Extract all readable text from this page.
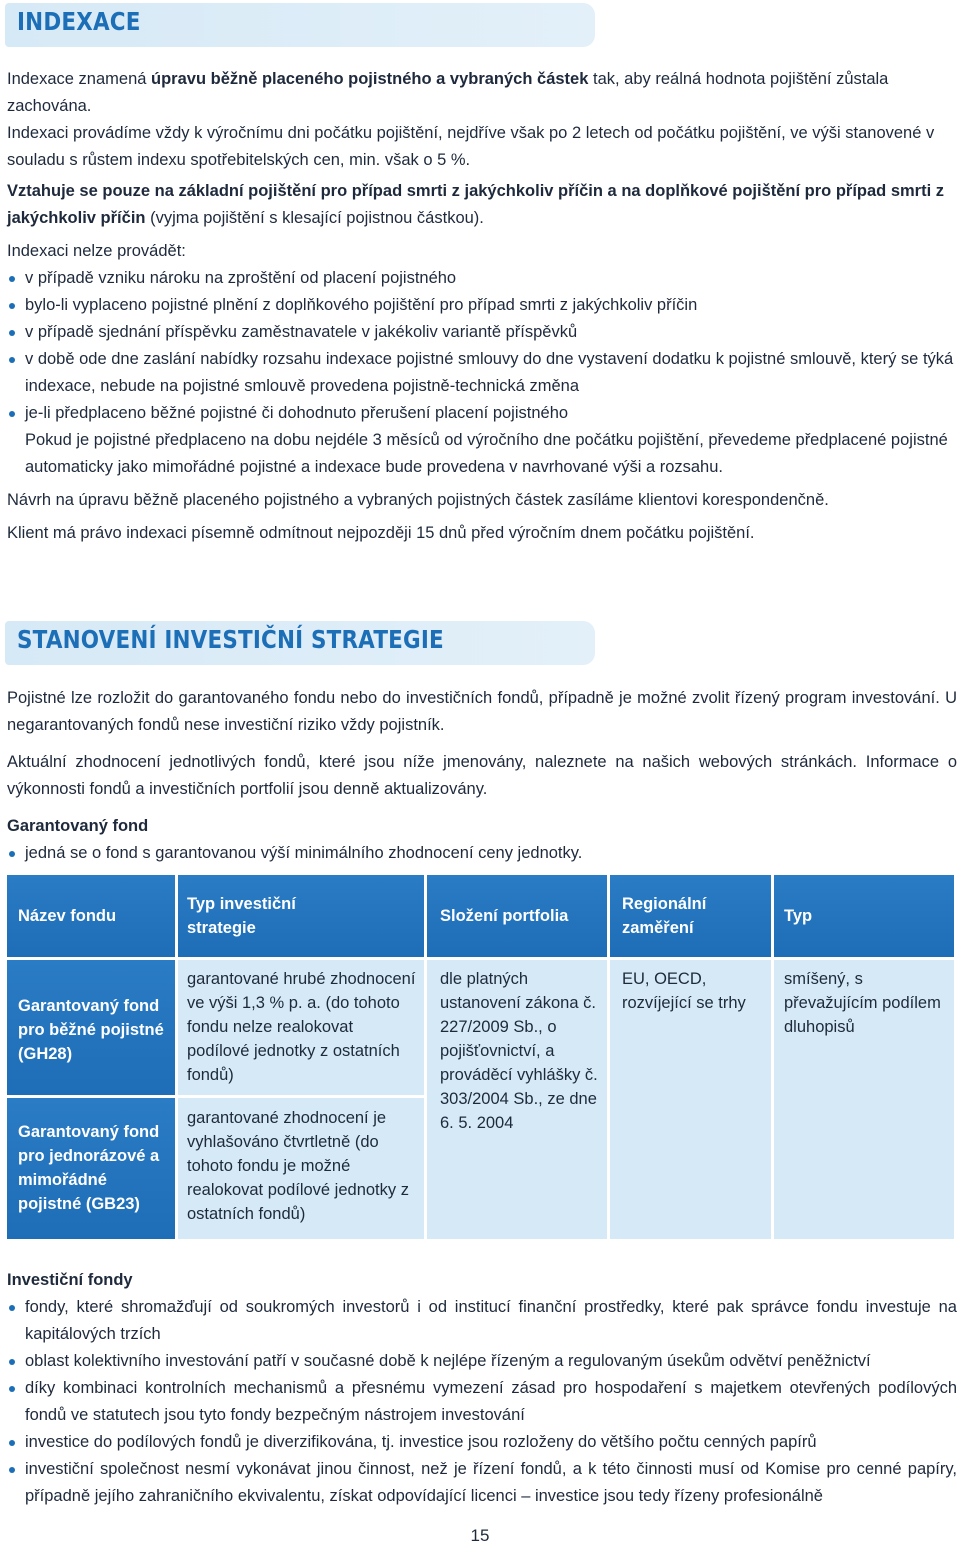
INDEXACE

Indexace znamená úpravu běžně placeného pojistného a vybraných částek tak, aby reálná hodnota pojištění zůstala zachována.

Indexaci provádíme vždy k výročnímu dni počátku pojištění, nejdříve však po 2 letech od počátku pojištění, ve výši stanovené v souladu s růstem indexu spotřebitelských cen, min. však o 5 %.

Vztahuje se pouze na základní pojištění pro případ smrti z jakýchkoliv příčin a na doplňkové pojištění pro případ smrti z jakýchkoliv příčin (vyjma pojištění s klesající pojistnou částkou).

Indexaci nelze provádět:

v případě vzniku nároku na zproštění od placení pojistného
bylo-li vyplaceno pojistné plnění z doplňkového pojištění pro případ smrti z jakýchkoliv příčin
v případě sjednání příspěvku zaměstnavatele v jakékoliv variantě příspěvků
v době ode dne zaslání nabídky rozsahu indexace pojistné smlouvy do dne vystavení dodatku k pojistné smlouvě, který se týká indexace, nebude na pojistné smlouvě provedena pojistně-technická změna
je-li předplaceno běžné pojistné či dohodnuto přerušení placení pojistného

Pokud je pojistné předplaceno na dobu nejdéle 3 měsíců od výročního dne počátku pojištění, převedeme předplacené pojistné automaticky jako mimořádné pojistné a indexace bude provedena v navrhované výši a rozsahu.

Návrh na úpravu běžně placeného pojistného a vybraných pojistných částek zasíláme klientovi korespondenčně.

Klient má právo indexaci písemně odmítnout nejpozději 15 dnů před výročním dnem počátku pojištění.

STANOVENÍ INVESTIČNÍ STRATEGIE

Pojistné lze rozložit do garantovaného fondu nebo do investičních fondů, případně je možné zvolit řízený program investování. U negarantovaných fondů nese investiční riziko vždy pojistník.

Aktuální zhodnocení jednotlivých fondů, které jsou níže jmenovány, naleznete na našich webových stránkách. Informace o výkonnosti fondů a investičních portfolií jsou denně aktualizovány.

Garantovaný fond

jedná se o fond s garantovanou výší minimálního zhodnocení ceny jednotky.
Název fondu
Typ investiční strategie
Složení portfolia
Regionální zaměření
Typ
Garantovaný fond pro běžné pojistné (GH28)
Garantovaný fond pro jednorázové a mimořádné pojistné (GB23)
garantované hrubé zhodnocení ve výši 1,3 % p. a. (do tohoto fondu nelze realokovat podílové jednotky z ostatních fondů)
garantované zhodnocení je vyhlašováno čtvrtletně (do tohoto fondu je možné realokovat podílové jednotky z ostatních fondů)
dle platných ustanovení zákona č. 227/2009 Sb., o pojišťovnictví, a prováděcí vyhlášky č. 303/2004 Sb., ze dne 6. 5. 2004
EU, OECD, rozvíjející se trhy
smíšený, s převažujícím podílem dluhopisů

Investiční fondy

fondy, které shromažďují od soukromých investorů i od institucí finanční prostředky, které pak správce fondu investuje na kapitálových trzích
oblast kolektivního investování patří v současné době k nejlépe řízeným a regulovaným úsekům odvětví peněžnictví
díky kombinaci kontrolních mechanismů a přesnému vymezení zásad pro hospodaření s majetkem otevřených podílových fondů ve statutech jsou tyto fondy bezpečným nástrojem investování
investice do podílových fondů je diverzifikována, tj. investice jsou rozloženy do většího počtu cenných papírů
investiční společnost nesmí vykonávat jinou činnost, než je řízení fondů, a k této činnosti musí od Komise pro cenné papíry, případně jejího zahraničního ekvivalentu, získat odpovídající licenci – investice jsou tedy řízeny profesionálně
15
